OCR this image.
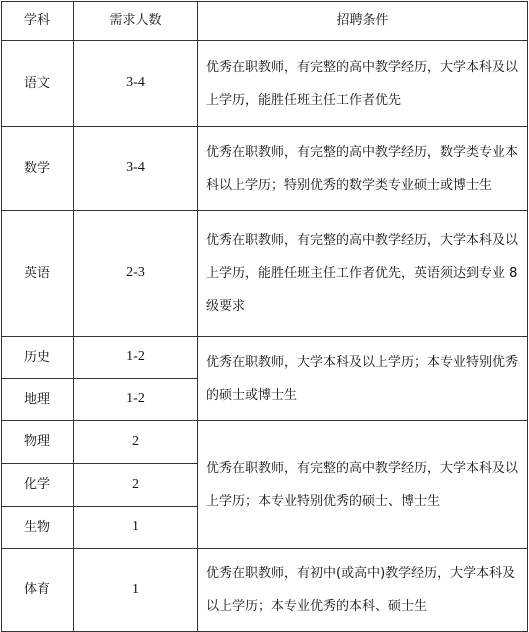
学科	需求人数	招聘条件
语文	3-4	优秀在职教师，有完整的高中教学经历，大学本科及以上学历，能胜任班主任工作者优先
数学	3-4	优秀在职教师，有完整的高中教学经历，数学类专业本科以上学历；特别优秀的数学类专业硕士或博士生
英语	2-3	优秀在职教师，有完整的高中教学经历，大学本科及以上学历，能胜任班主任工作者优先，英语须达到专业 8 级要求
历史	1-2	优秀在职教师，大学本科及以上学历；本专业特别优秀的硕士或博士生
地理	1-2	
物理	2	优秀在职教师，有完整的高中教学经历，大学本科及以上学历；本专业特别优秀的硕士、博士生
化学	2	
生物	1	
体育	1	优秀在职教师，有初中(或高中)教学经历，大学本科及以上学历；本专业优秀的本科、硕士生
